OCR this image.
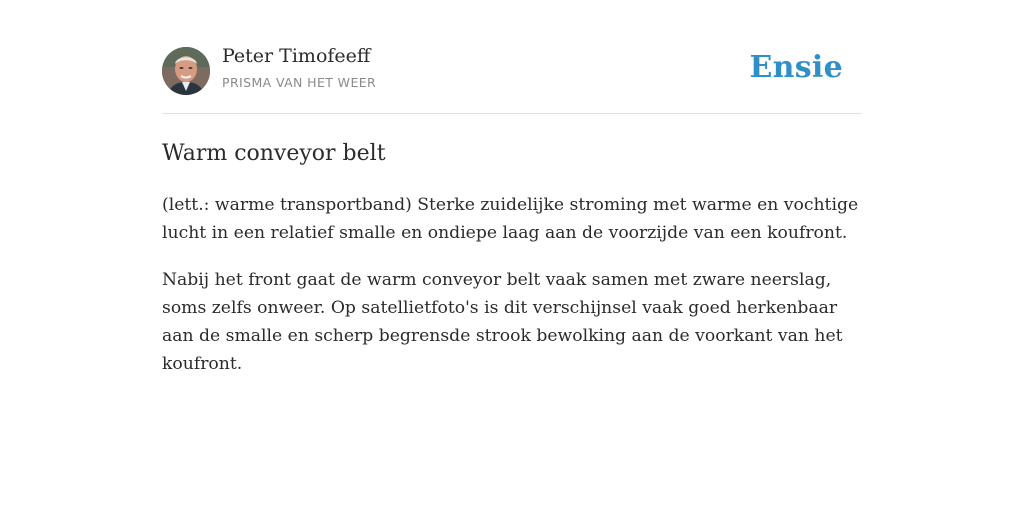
Peter Timofeeff
PRISMA VAN HET WEER	Ensie
Warm conveyor belt

(lett.: warme transportband) Sterke zuidelijke stroming met warme en vochtige lucht in een relatief smalle en ondiepe laag aan de voorzijde van een koufront.

Nabij het front gaat de warm conveyor belt vaak samen met zware neerslag, soms zelfs onweer. Op satellietfoto's is dit verschijnsel vaak goed herkenbaar aan de smalle en scherp begrensde strook bewolking aan de voorkant van het koufront.
